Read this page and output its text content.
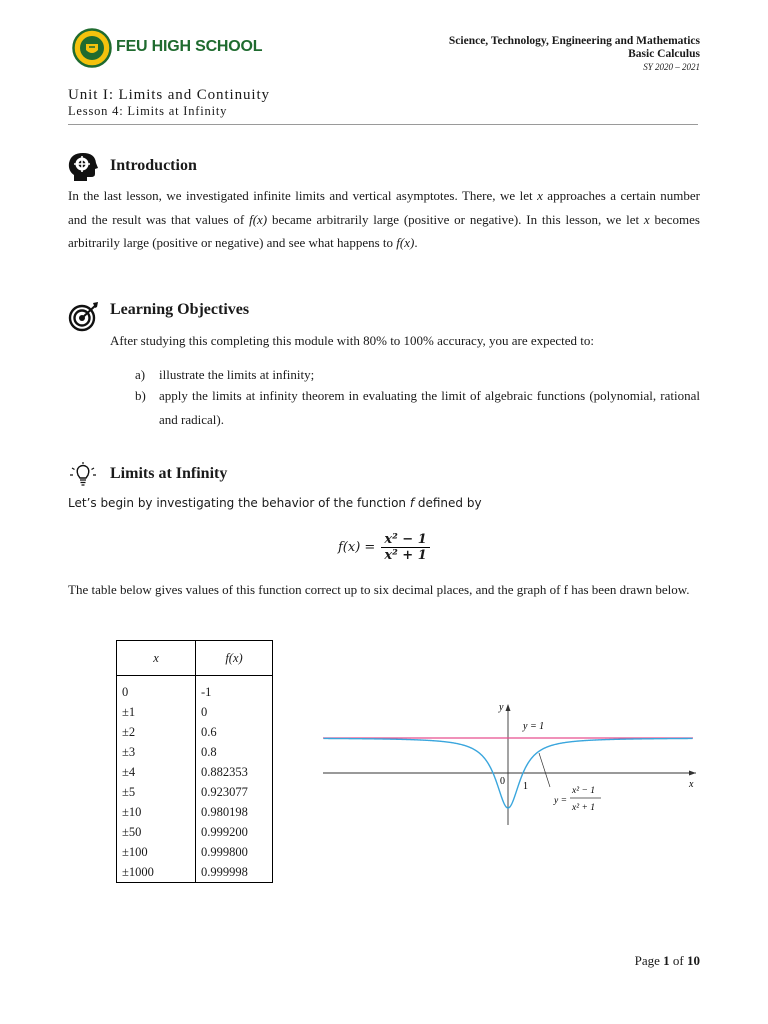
FEU HIGH SCHOOL	Science, Technology, Engineering and Mathematics
Basic Calculus
SY 2020 – 2021
Unit I: Limits and Continuity
Lesson 4: Limits at Infinity
Introduction
In the last lesson, we investigated infinite limits and vertical asymptotes. There, we let x approaches a certain number and the result was that values of f(x) became arbitrarily large (positive or negative). In this lesson, we let x becomes arbitrarily large (positive or negative) and see what happens to f(x).
Learning Objectives
After studying this completing this module with 80% to 100% accuracy, you are expected to:
a) illustrate the limits at infinity;
b) apply the limits at infinity theorem in evaluating the limit of algebraic functions (polynomial, rational and radical).
Limits at Infinity
Let’s begin by investigating the behavior of the function f defined by
$f(x) = \frac{\text{x² − 1}}{\text{x² + 1}}$
The table below gives values of this function correct up to six decimal places, and the graph of f has been drawn below.
x	f(x)
0	-1
±1	0
±2	0.6
±3	0.8
±4	0.882353
±5	0.923077
±10	0.980198
±50	0.999200
±100	0.999800
±1000	0.999998
y
x
y = 1
0 1
y =
x² − 1
x² + 1
Page 1 of 10
